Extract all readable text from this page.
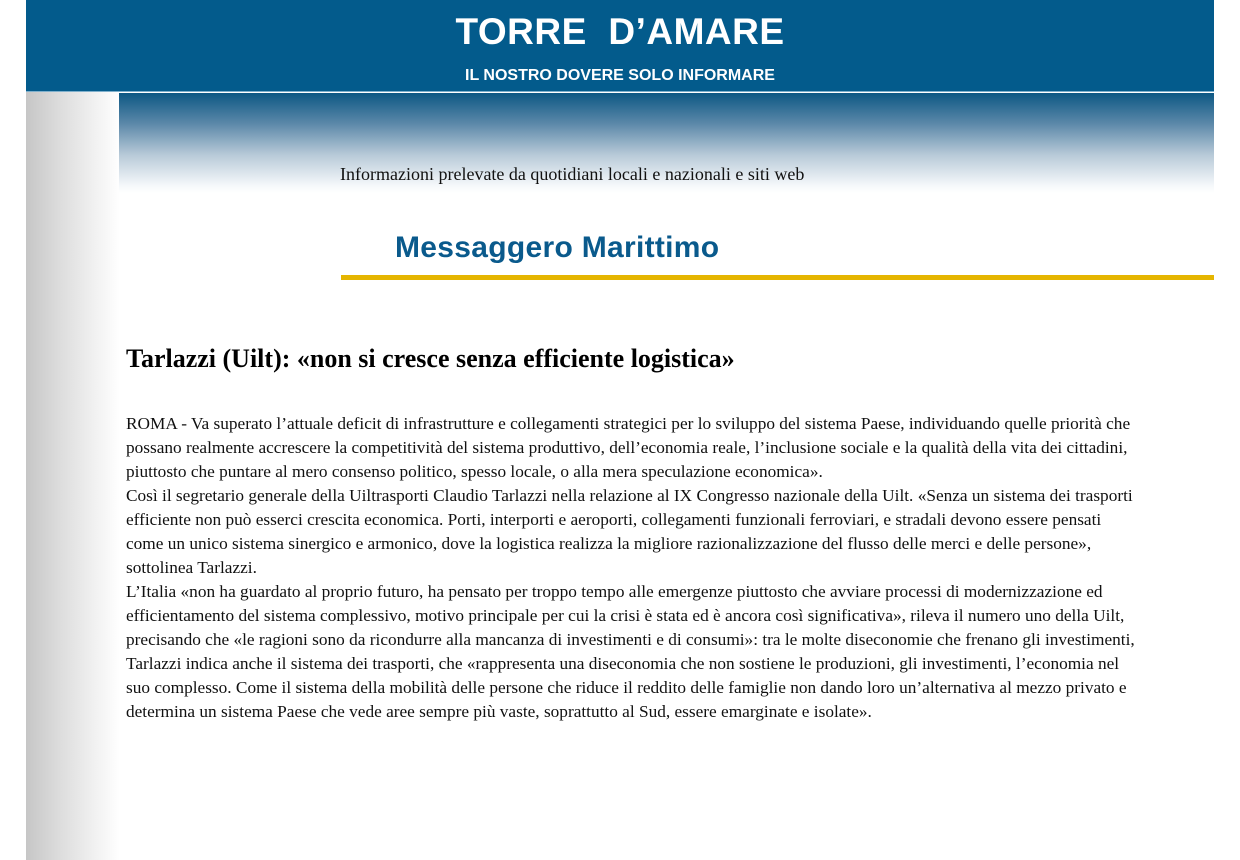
TORRE  D’AMARE
IL NOSTRO DOVERE SOLO INFORMARE
Informazioni prelevate da quotidiani locali e nazionali e siti web
Messaggero Marittimo
Tarlazzi (Uilt): «non si cresce senza efficiente logistica»

ROMA - Va superato l’attuale deficit di infrastrutture e collegamenti strategici per lo sviluppo del sistema Paese, individuando quelle priorità che possano realmente accrescere la competitività del sistema produttivo, dell’economia reale, l’inclusione sociale e la qualità della vita dei cittadini, piuttosto che puntare al mero consenso politico, spesso locale, o alla mera speculazione economica».

Così il segretario generale della Uiltrasporti Claudio Tarlazzi nella relazione al IX Congresso nazionale della Uilt. «Senza un sistema dei trasporti efficiente non può esserci crescita economica. Porti, interporti e aeroporti, collegamenti funzionali ferroviari, e stradali devono essere pensati come un unico sistema sinergico e armonico, dove la logistica realizza la migliore razionalizzazione del flusso delle merci e delle persone», sottolinea Tarlazzi.

L’Italia «non ha guardato al proprio futuro, ha pensato per troppo tempo alle emergenze piuttosto che avviare processi di modernizzazione ed efficientamento del sistema complessivo, motivo principale per cui la crisi è stata ed è ancora così significativa», rileva il numero uno della Uilt, precisando che «le ragioni sono da ricondurre alla mancanza di investimenti e di consumi»: tra le molte diseconomie che frenano gli investimenti, Tarlazzi indica anche il sistema dei trasporti, che «rappresenta una diseconomia che non sostiene le produzioni, gli investimenti, l’economia nel suo complesso. Come il sistema della mobilità delle persone che riduce il reddito delle famiglie non dando loro un’alternativa al mezzo privato e determina un sistema Paese che vede aree sempre più vaste, soprattutto al Sud, essere emarginate e isolate».
